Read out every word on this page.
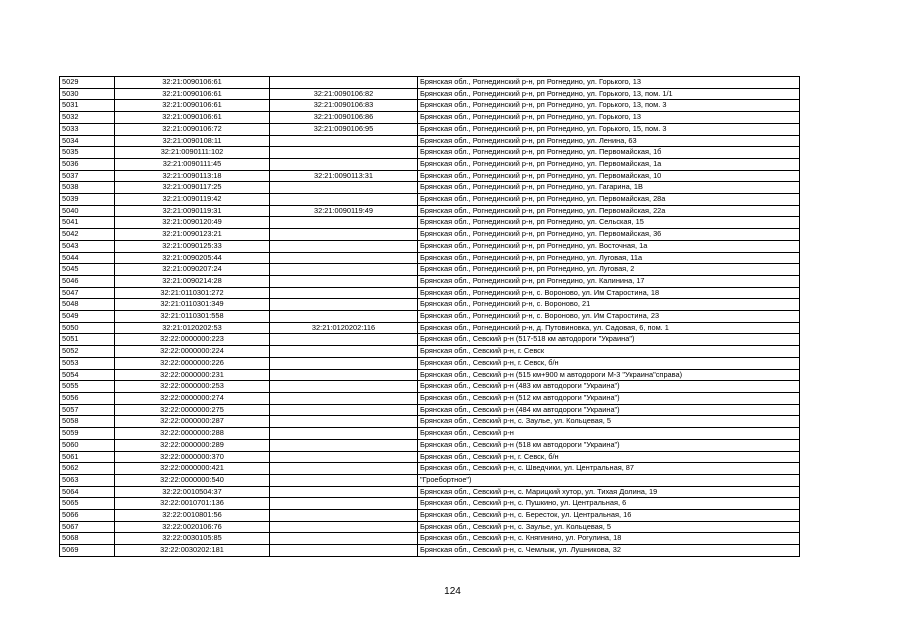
5029	32:21:0090106:61		Брянская обл., Рогнединский р-н, рп Рогнедино, ул. Горького, 13
5030	32:21:0090106:61	32:21:0090106:82	Брянская обл., Рогнединский р-н, рп Рогнедино, ул. Горького, 13, пом. 1/1
5031	32:21:0090106:61	32:21:0090106:83	Брянская обл., Рогнединский р-н, рп Рогнедино, ул. Горького, 13, пом. 3
5032	32:21:0090106:61	32:21:0090106:86	Брянская обл., Рогнединский р-н, рп Рогнедино, ул. Горького, 13
5033	32:21:0090106:72	32:21:0090106:95	Брянская обл., Рогнединский р-н, рп Рогнедино, ул. Горького, 15, пом. 3
5034	32:21:0090108:11		Брянская обл., Рогнединский р-н, рп Рогнедино, ул. Ленина, 63
5035	32:21:0090111:102		Брянская обл., Рогнединский р-н, рп Рогнедино, ул. Первомайская, 1б
5036	32:21:0090111:45		Брянская обл., Рогнединский р-н, рп Рогнедино, ул. Первомайская, 1а
5037	32:21:0090113:18	32:21:0090113:31	Брянская обл., Рогнединский р-н, рп Рогнедино, ул. Первомайская, 10
5038	32:21:0090117:25		Брянская обл., Рогнединский р-н, рп Рогнедино, ул. Гагарина, 1В
5039	32:21:0090119:42		Брянская обл., Рогнединский р-н, рп Рогнедино, ул. Первомайская, 28а
5040	32:21:0090119:31	32:21:0090119:49	Брянская обл., Рогнединский р-н, рп Рогнедино, ул. Первомайская, 22а
5041	32:21:0090120:49		Брянская обл., Рогнединский р-н, рп Рогнедино, ул. Сельская, 15
5042	32:21:0090123:21		Брянская обл., Рогнединский р-н, рп Рогнедино, ул. Первомайская, 36
5043	32:21:0090125:33		Брянская обл., Рогнединский р-н, рп Рогнедино, ул. Восточная, 1а
5044	32:21:0090205:44		Брянская обл., Рогнединский р-н, рп Рогнедино, ул. Луговая, 11а
5045	32:21:0090207:24		Брянская обл., Рогнединский р-н, рп Рогнедино, ул. Луговая, 2
5046	32:21:0090214:28		Брянская обл., Рогнединский р-н, рп Рогнедино, ул. Калинина, 17
5047	32:21:0110301:272		Брянская обл., Рогнединский р-н, с. Вороново, ул. Им Старостина, 18
5048	32:21:0110301:349		Брянская обл., Рогнединский р-н, с. Вороново, 21
5049	32:21:0110301:558		Брянская обл., Рогнединский р-н, с. Вороново, ул. Им Старостина, 23
5050	32:21:0120202:53	32:21:0120202:116	Брянская обл., Рогнединский р-н, д. Путовиновка, ул. Садовая, 6, пом. 1
5051	32:22:0000000:223		Брянская обл., Севский р-н (517-518 км автодороги "Украина")
5052	32:22:0000000:224		Брянская обл., Севский р-н, г. Севск
5053	32:22:0000000:226		Брянская обл., Севский р-н, г. Севск, б/н
5054	32:22:0000000:231		Брянская обл., Севский р-н (515 км+900 м автодороги М-3 "Украина"справа)
5055	32:22:0000000:253		Брянская обл., Севский р-н (483 км автодороги "Украина")
5056	32:22:0000000:274		Брянская обл., Севский р-н (512 км автодороги "Украина")
5057	32:22:0000000:275		Брянская обл., Севский р-н (484 км автодороги "Украина")
5058	32:22:0000000:287		Брянская обл., Севский р-н, с. Заулье, ул. Кольцевая, 5
5059	32:22:0000000:288		Брянская обл., Севский р-н
5060	32:22:0000000:289		Брянская обл., Севский р-н (518 км автодороги "Украина")
5061	32:22:0000000:370		Брянская обл., Севский р-н, г. Севск, б/н
5062	32:22:0000000:421		Брянская обл., Севский р-н, с. Шведчики, ул. Центральная, 87
5063	32:22:0000000:540		"Гроебортное")
5064	32:22:0010504:37		Брянская обл., Севский р-н, с. Марицкий хутор, ул. Тихая Долина, 19
5065	32:22:0010701:136		Брянская обл., Севский р-н, с. Пушкино, ул. Центральная, 6
5066	32:22:0010801:56		Брянская обл., Севский р-н, с. Бересток, ул. Центральная, 16
5067	32:22:0020106:76		Брянская обл., Севский р-н, с. Заулье, ул. Кольцевая, 5
5068	32:22:0030105:85		Брянская обл., Севский р-н, с. Княгинино, ул. Рогулина, 18
5069	32:22:0030202:181		Брянская обл., Севский р-н, с. Чемлыж, ул. Лушникова, 32
124
